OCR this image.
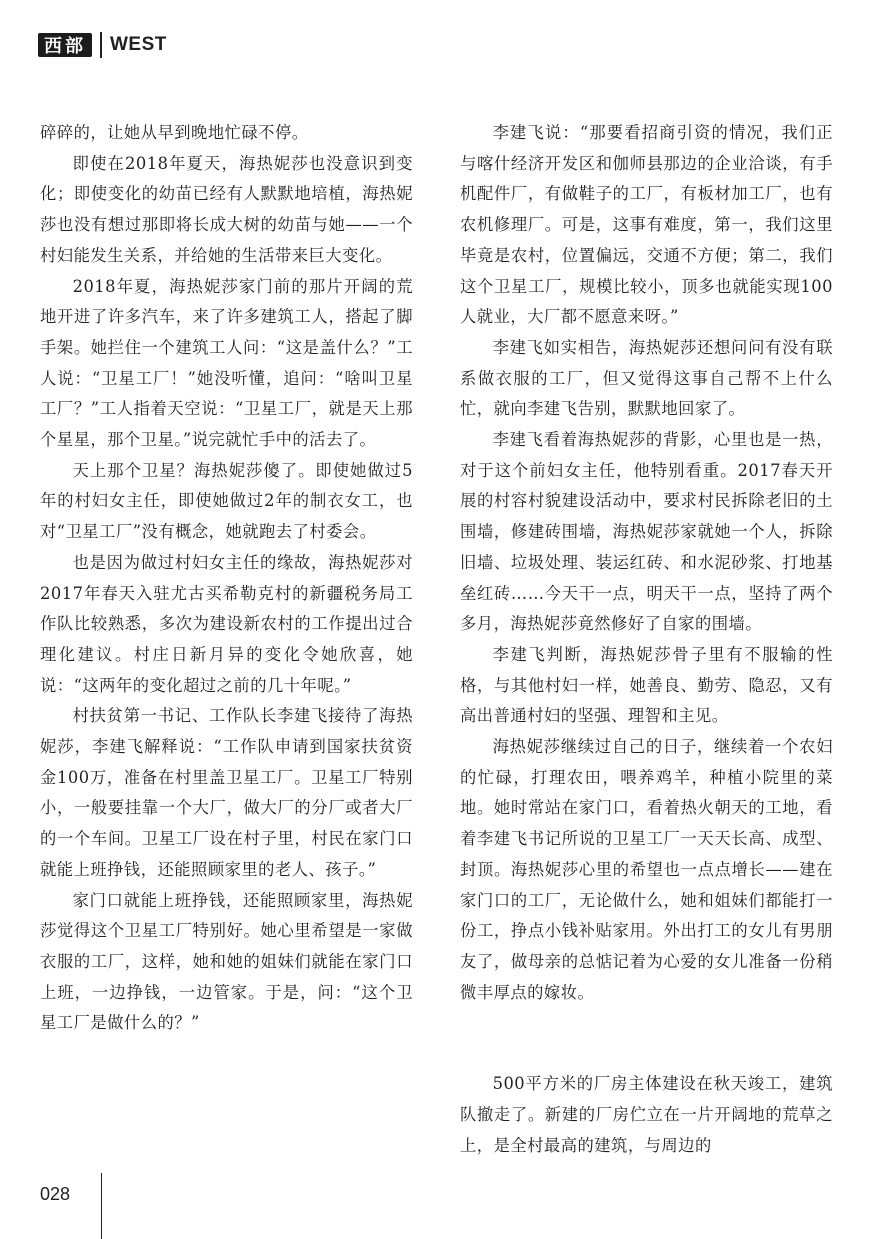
西部 WEST

碎碎的，让她从早到晚地忙碌不停。

即使在2018年夏天，海热妮莎也没意识到变化；即使变化的幼苗已经有人默默地培植，海热妮莎也没有想过那即将长成大树的幼苗与她——一个村妇能发生关系，并给她的生活带来巨大变化。

2018年夏，海热妮莎家门前的那片开阔的荒地开进了许多汽车，来了许多建筑工人，搭起了脚手架。她拦住一个建筑工人问：“这是盖什么？”工人说：“卫星工厂！”她没听懂，追问：“啥叫卫星工厂？”工人指着天空说：“卫星工厂，就是天上那个星星，那个卫星。”说完就忙手中的活去了。

天上那个卫星？海热妮莎傻了。即使她做过5年的村妇女主任，即使她做过2年的制衣女工，也对“卫星工厂”没有概念，她就跑去了村委会。

也是因为做过村妇女主任的缘故，海热妮莎对2017年春天入驻尤古买希勒克村的新疆税务局工作队比较熟悉，多次为建设新农村的工作提出过合理化建议。村庄日新月异的变化令她欣喜，她说：“这两年的变化超过之前的几十年呢。”

村扶贫第一书记、工作队长李建飞接待了海热妮莎，李建飞解释说：“工作队申请到国家扶贫资金100万，准备在村里盖卫星工厂。卫星工厂特别小，一般要挂靠一个大厂，做大厂的分厂或者大厂的一个车间。卫星工厂设在村子里，村民在家门口就能上班挣钱，还能照顾家里的老人、孩子。”

家门口就能上班挣钱，还能照顾家里，海热妮莎觉得这个卫星工厂特别好。她心里希望是一家做衣服的工厂，这样，她和她的姐妹们就能在家门口上班，一边挣钱，一边管家。于是，问：“这个卫星工厂是做什么的？”

李建飞说：“那要看招商引资的情况，我们正与喀什经济开发区和伽师县那边的企业洽谈，有手机配件厂，有做鞋子的工厂，有板材加工厂，也有农机修理厂。可是，这事有难度，第一，我们这里毕竟是农村，位置偏远，交通不方便；第二，我们这个卫星工厂，规模比较小，顶多也就能实现100人就业，大厂都不愿意来呀。”

李建飞如实相告，海热妮莎还想问问有没有联系做衣服的工厂，但又觉得这事自己帮不上什么忙，就向李建飞告别，默默地回家了。

李建飞看着海热妮莎的背影，心里也是一热，对于这个前妇女主任，他特别看重。2017春天开展的村容村貌建设活动中，要求村民拆除老旧的土围墙，修建砖围墙，海热妮莎家就她一个人，拆除旧墙、垃圾处理、装运红砖、和水泥砂浆、打地基垒红砖……今天干一点，明天干一点，坚持了两个多月，海热妮莎竟然修好了自家的围墙。

李建飞判断，海热妮莎骨子里有不服输的性格，与其他村妇一样，她善良、勤劳、隐忍，又有高出普通村妇的坚强、理智和主见。

海热妮莎继续过自己的日子，继续着一个农妇的忙碌，打理农田，喂养鸡羊，种植小院里的菜地。她时常站在家门口，看着热火朝天的工地，看着李建飞书记所说的卫星工厂一天天长高、成型、封顶。海热妮莎心里的希望也一点点增长——建在家门口的工厂，无论做什么，她和姐妹们都能打一份工，挣点小钱补贴家用。外出打工的女儿有男朋友了，做母亲的总惦记着为心爱的女儿准备一份稍微丰厚点的嫁妆。

500平方米的厂房主体建设在秋天竣工，建筑队撤走了。新建的厂房伫立在一片开阔地的荒草之上，是全村最高的建筑，与周边的

028
